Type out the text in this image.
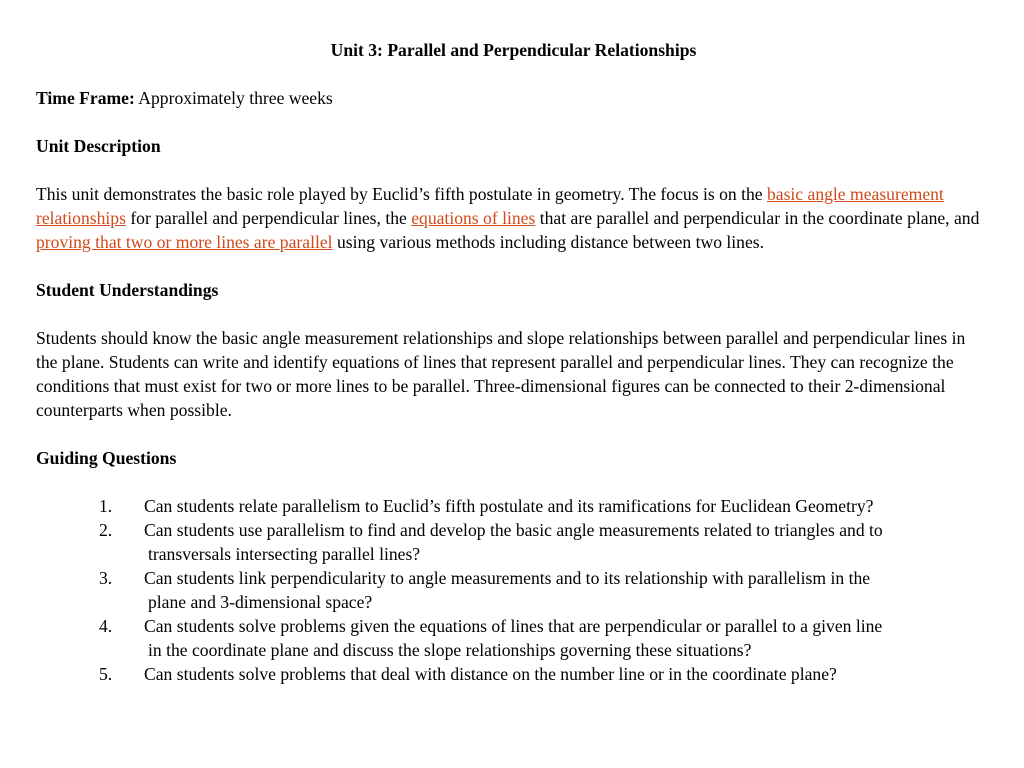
Unit 3: Parallel and Perpendicular Relationships
Time Frame: Approximately three weeks
Unit Description
This unit demonstrates the basic role played by Euclid’s fifth postulate in geometry. The focus is on the basic angle measurement relationships for parallel and perpendicular lines, the equations of lines that are parallel and perpendicular in the coordinate plane, and proving that two or more lines are parallel using various methods including distance between two lines.
Student Understandings
Students should know the basic angle measurement relationships and slope relationships between parallel and perpendicular lines in the plane. Students can write and identify equations of lines that represent parallel and perpendicular lines. They can recognize the conditions that must exist for two or more lines to be parallel. Three-dimensional figures can be connected to their 2-dimensional counterparts when possible.
Guiding Questions
1.	Can students relate parallelism to Euclid’s fifth postulate and its ramifications for Euclidean Geometry?
2.	Can students use parallelism to find and develop the basic angle measurements related to triangles and to
transversals intersecting parallel lines?
3.	Can students link perpendicularity to angle measurements and to its relationship with parallelism in the
plane and 3-dimensional space?
4.	Can students solve problems given the equations of lines that are perpendicular or parallel to a given line
in the coordinate plane and discuss the slope relationships governing these situations?
5.	Can students solve problems that deal with distance on the number line or in the coordinate plane?
